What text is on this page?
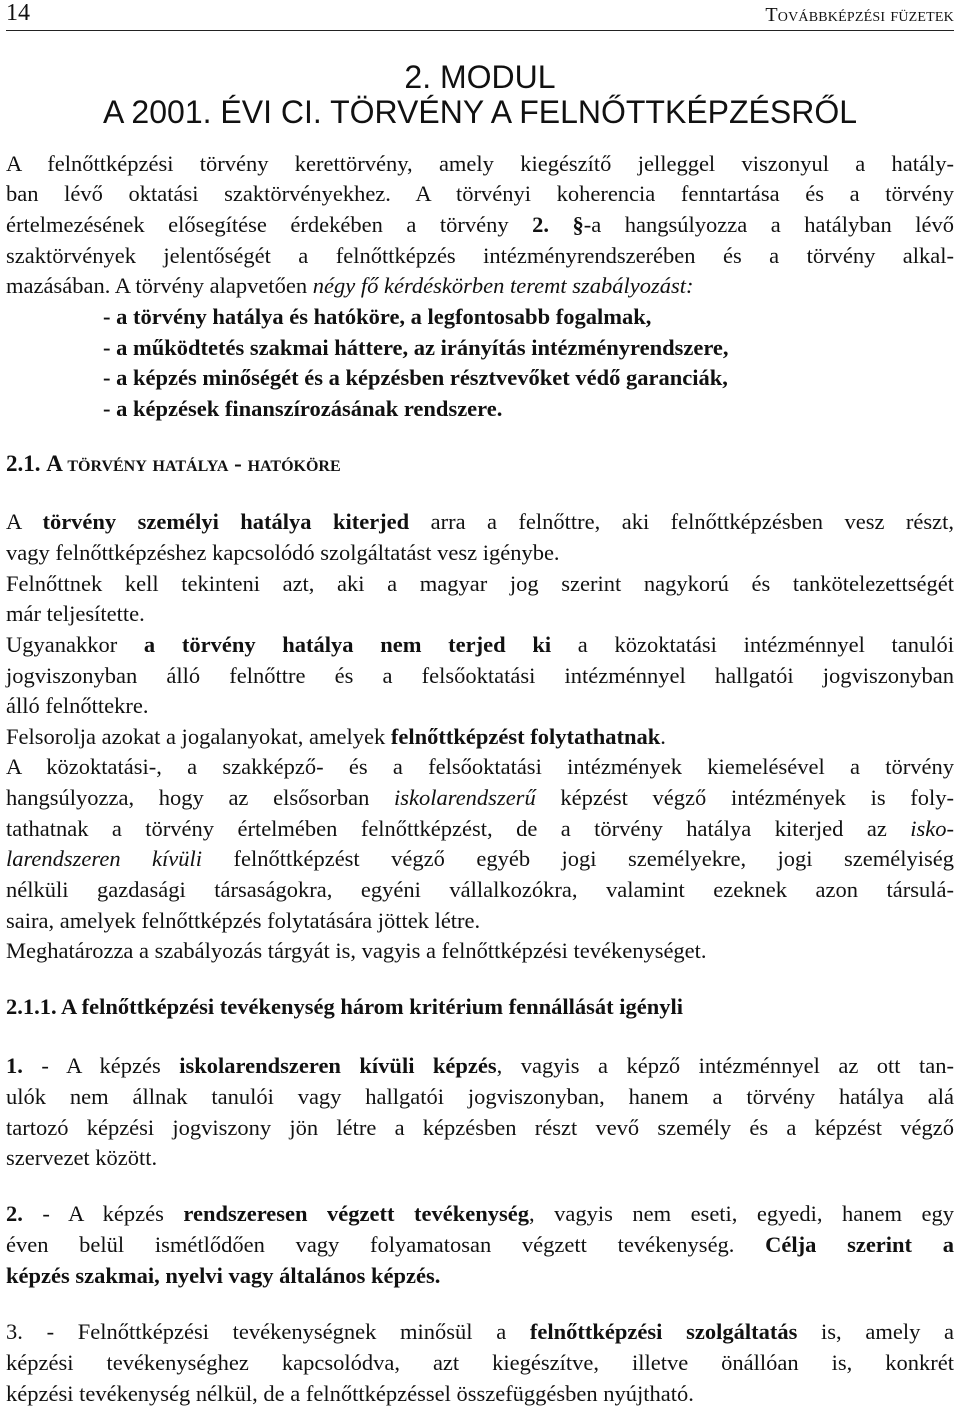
14	Továbbképzési füzetek
2. MODUL
A 2001. ÉVI CI. TÖRVÉNY A FELNŐTTKÉPZÉSRŐL
A felnőttképzési törvény kerettörvény, amely kiegészítő jelleggel viszonyul a hatály-
ban lévő oktatási szaktörvényekhez. A törvényi koherencia fenntartása és a törvény
értelmezésének elősegítése érdekében a törvény 2. §-a hangsúlyozza a hatályban lévő
szaktörvények jelentőségét a felnőttképzés intézményrendszerében és a törvény alkal-
mazásában. A törvény alapvetően négy fő kérdéskörben teremt szabályozást:
- a törvény hatálya és hatóköre, a legfontosabb fogalmak,
- a működtetés szakmai háttere, az irányítás intézményrendszere,
- a képzés minőségét és a képzésben résztvevőket védő garanciák,
- a képzések finanszírozásának rendszere.
2.1. A törvény hatálya - hatóköre
A törvény személyi hatálya kiterjed arra a felnőttre, aki felnőttképzésben vesz részt,
vagy felnőttképzéshez kapcsolódó szolgáltatást vesz igénybe.
Felnőttnek kell tekinteni azt, aki a magyar jog szerint nagykorú és tankötelezettségét
már teljesítette.
Ugyanakkor a törvény hatálya nem terjed ki a közoktatási intézménnyel tanulói
jogviszonyban álló felnőttre és a felsőoktatási intézménnyel hallgatói jogviszonyban
álló felnőttekre.
Felsorolja azokat a jogalanyokat, amelyek felnőttképzést folytathatnak.
A közoktatási-, a szakképző- és a felsőoktatási intézmények kiemelésével a törvény
hangsúlyozza, hogy az elsősorban iskolarendszerű képzést végző intézmények is foly-
tathatnak a törvény értelmében felnőttképzést, de a törvény hatálya kiterjed az isko-
larendszeren kívüli felnőttképzést végző egyéb jogi személyekre, jogi személyiség
nélküli gazdasági társaságokra, egyéni vállalkozókra, valamint ezeknek azon társulá-
saira, amelyek felnőttképzés folytatására jöttek létre.
Meghatározza a szabályozás tárgyát is, vagyis a felnőttképzési tevékenységet.
2.1.1. A felnőttképzési tevékenység három kritérium fennállását igényli
1. - A képzés iskolarendszeren kívüli képzés, vagyis a képző intézménnyel az ott tan-
ulók nem állnak tanulói vagy hallgatói jogviszonyban, hanem a törvény hatálya alá
tartozó képzési jogviszony jön létre a képzésben részt vevő személy és a képzést végző
szervezet között.
2. - A képzés rendszeresen végzett tevékenység, vagyis nem eseti, egyedi, hanem egy
éven belül ismétlődően vagy folyamatosan végzett tevékenység. Célja szerint a
képzés szakmai, nyelvi vagy általános képzés.
3. - Felnőttképzési tevékenységnek minősül a felnőttképzési szolgáltatás is, amely a
képzési tevékenységhez kapcsolódva, azt kiegészítve, illetve önállóan is, konkrét
képzési tevékenység nélkül, de a felnőttképzéssel összefüggésben nyújtható.
